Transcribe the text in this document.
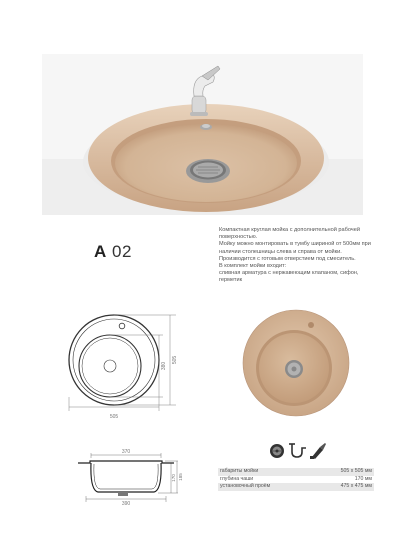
A 02

Компактная круглая мойка с дополнительной рабочей поверхностью.

Мойку можно монтировать в тумбу шириной от 500мм при наличии столешницы слева и справа от мойки. Производится с готовым отверстием под смеситель.

В комплект мойки входит:

сливная арматура с нержавеющим клапаном, сифон, герметик

505
505
380
370
390
170 185
габариты мойки	505 x 505 мм
глубина чаши	170 мм
установочный проём	475 x 475 мм
